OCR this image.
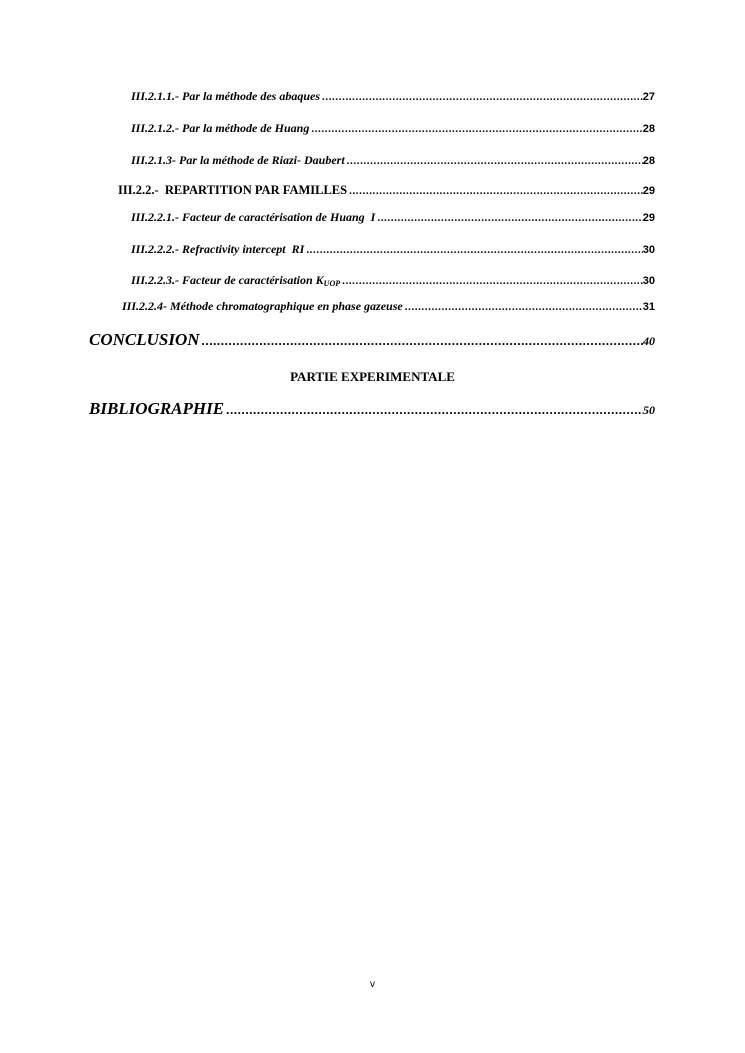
III.2.1.1.- Par la méthode des abaques .....	27
III.2.1.2.- Par la méthode de Huang .....	28
III.2.1.3- Par la méthode de Riazi- Daubert .....	28
III.2.2.-  REPARTITION PAR FAMILLES .....	29
III.2.2.1.- Facteur de caractérisation de Huang  I .....	29
III.2.2.2.- Refractivity intercept  RI .....	30
III.2.2.3.- Facteur de caractérisation $K_{UOP}$ .....	30
III.2.2.4- Méthode chromatographique en phase gazeuse .....	31
CONCLUSION .....	40
PARTIE EXPERIMENTALE
BIBLIOGRAPHIE .....	50
v
